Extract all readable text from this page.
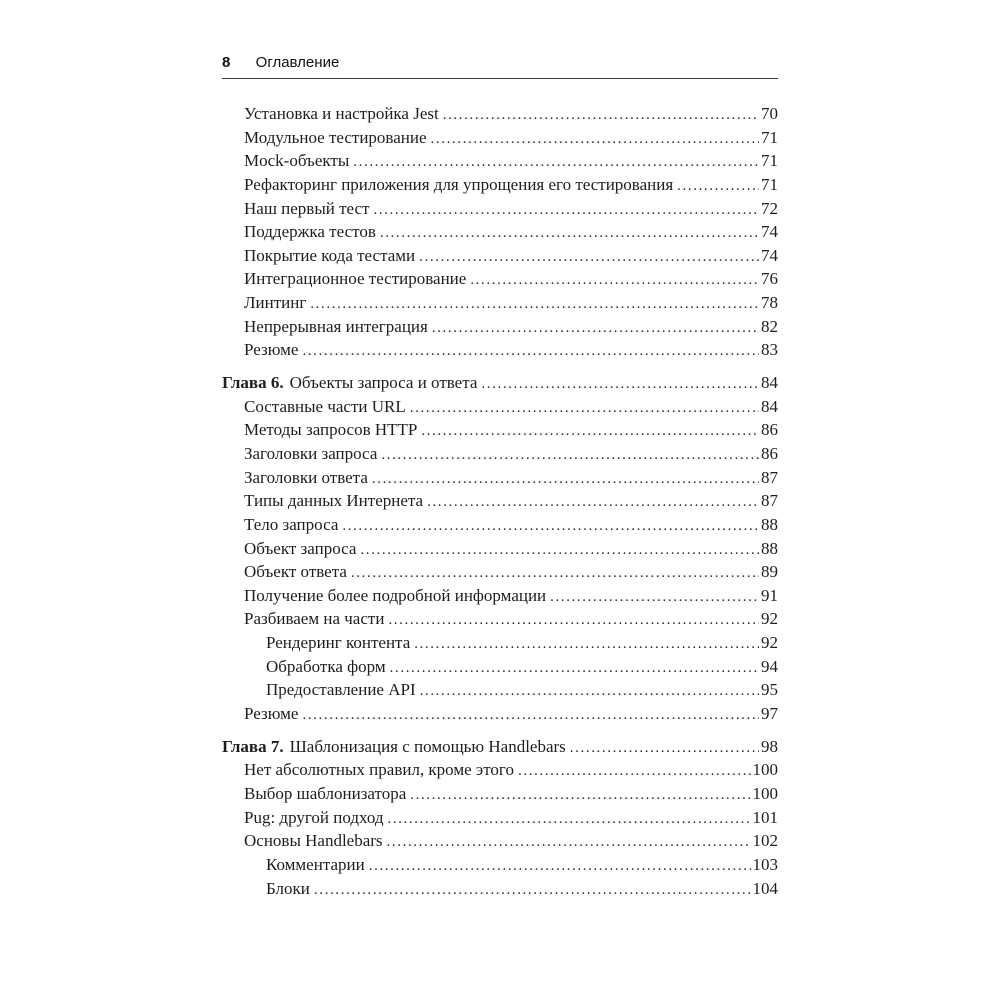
8 Оглавление
Установка и настройка Jest .....	70
Модульное тестирование .....	71
Mock-объекты .....	71
Рефакторинг приложения для упрощения его тестирования .....	71
Наш первый тест .....	72
Поддержка тестов .....	74
Покрытие кода тестами .....	74
Интеграционное тестирование .....	76
Линтинг .....	78
Непрерывная интеграция .....	82
Резюме .....	83
Глава 6. Объекты запроса и ответа .....	84
Составные части URL .....	84
Методы запросов HTTP .....	86
Заголовки запроса .....	86
Заголовки ответа .....	87
Типы данных Интернета .....	87
Тело запроса .....	88
Объект запроса .....	88
Объект ответа .....	89
Получение более подробной информации .....	91
Разбиваем на части .....	92
Рендеринг контента .....	92
Обработка форм .....	94
Предоставление API .....	95
Резюме .....	97
Глава 7. Шаблонизация с помощью Handlebars .....	98
Нет абсолютных правил, кроме этого .....	100
Выбор шаблонизатора .....	100
Pug: другой подход .....	101
Основы Handlebars .....	102
Комментарии .....	103
Блоки .....	104
